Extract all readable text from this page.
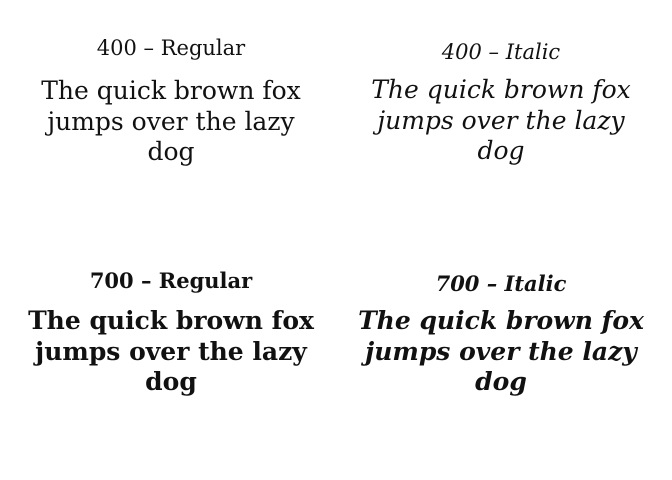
400 – Regular

The quick brown fox jumps over the lazy dog

400 – Italic

The quick brown fox jumps over the lazy dog

700 – Regular

The quick brown fox jumps over the lazy dog

700 – Italic

The quick brown fox jumps over the lazy dog
